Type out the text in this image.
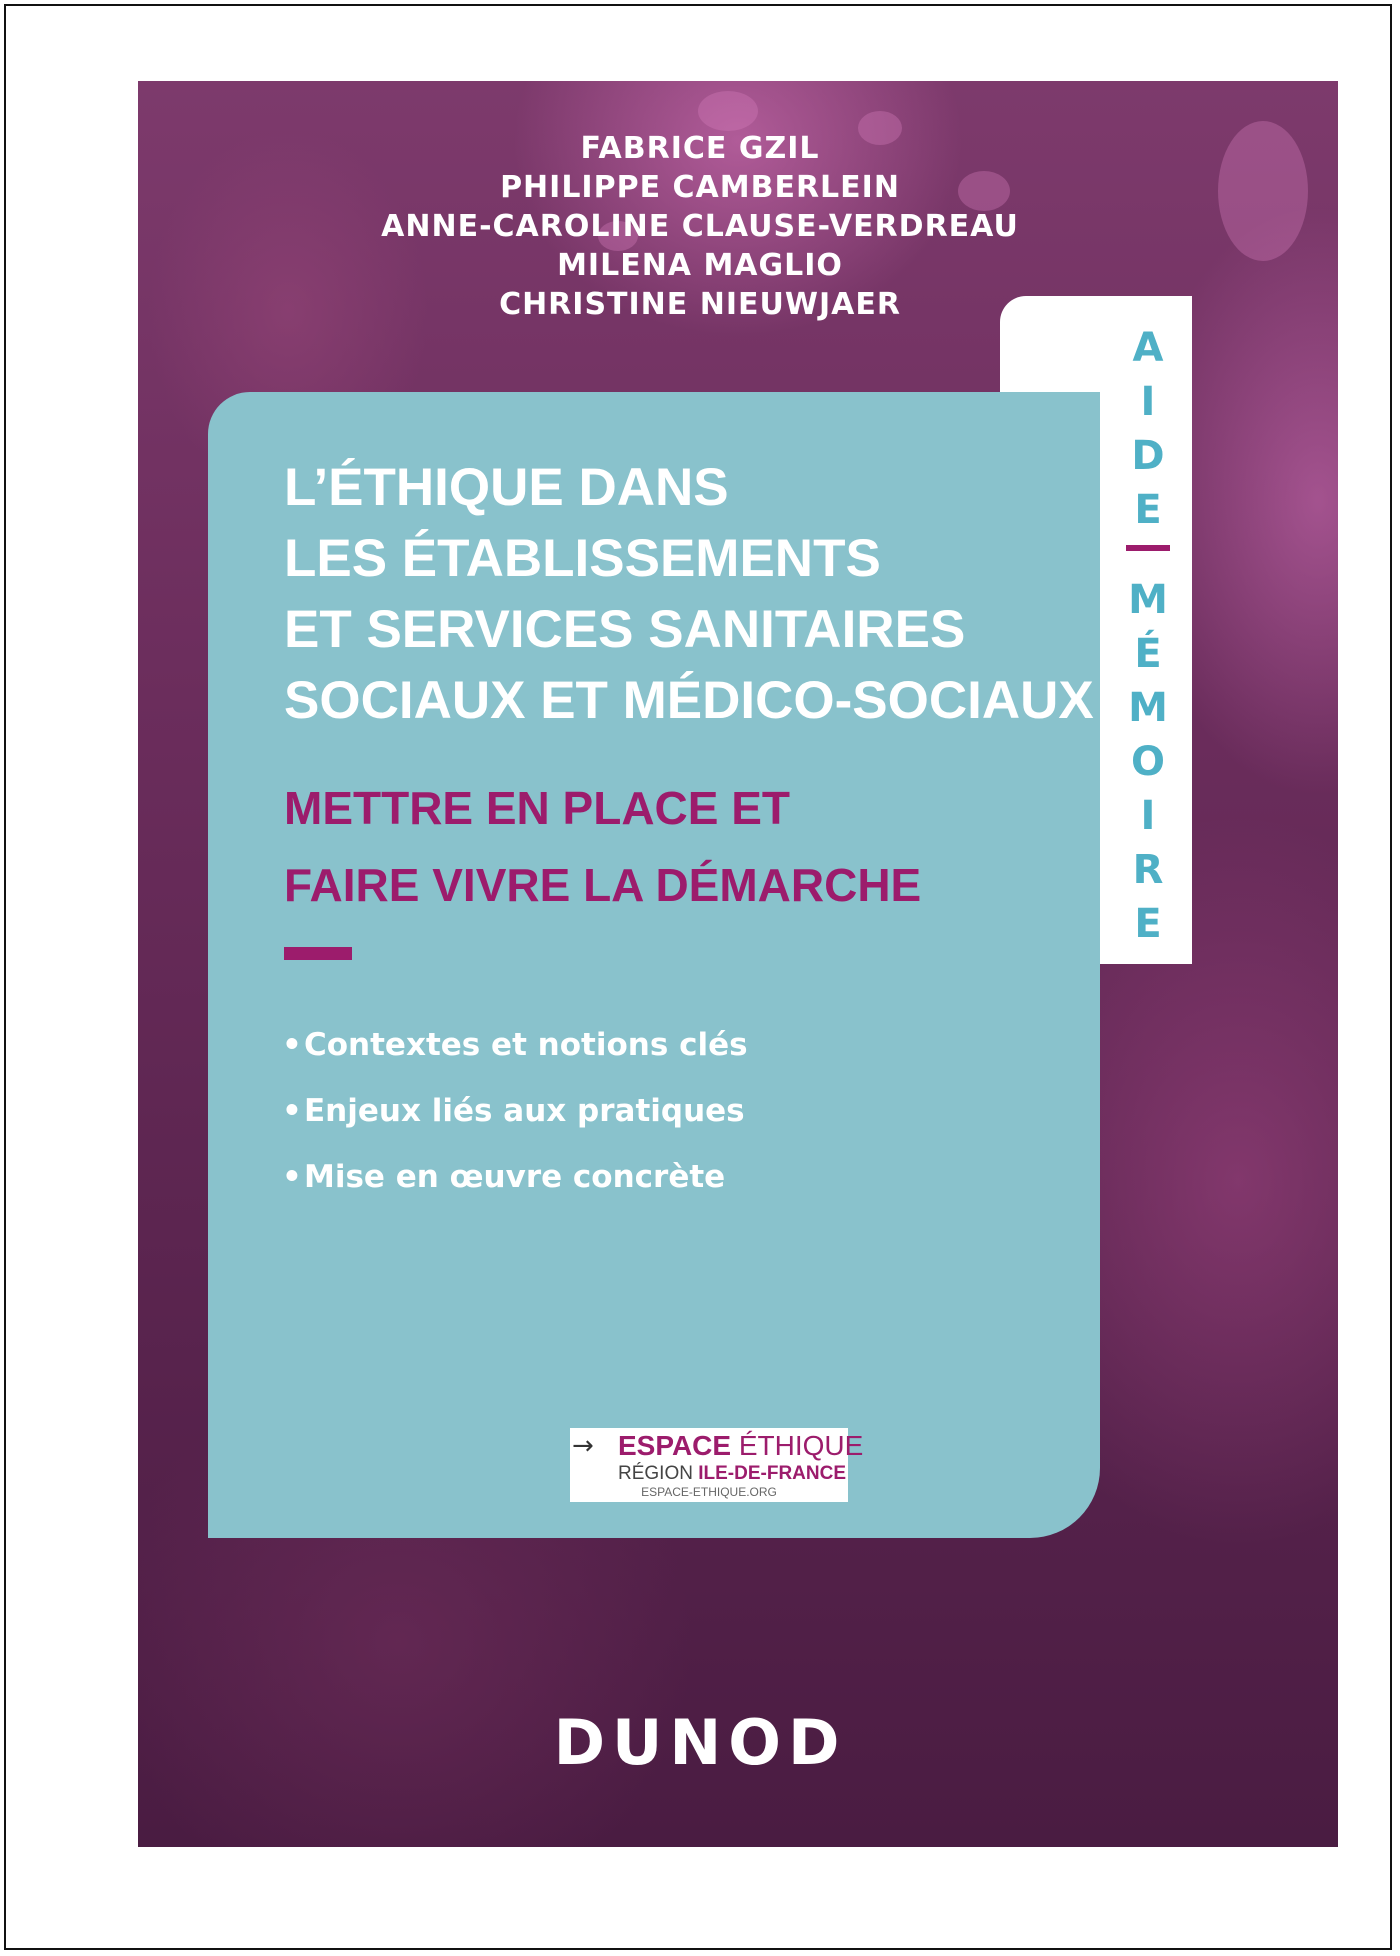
FABRICE GZIL
PHILIPPE CAMBERLEIN
ANNE-CAROLINE CLAUSE-VERDREAU
MILENA MAGLIO
CHRISTINE NIEUWJAER
A
I
D
E
M
É
M
O
I
R
E
L’ÉTHIQUE DANS
LES ÉTABLISSEMENTS
ET SERVICES SANITAIRES
SOCIAUX ET MÉDICO-SOCIAUX
METTRE EN PLACE ET
FAIRE VIVRE LA DÉMARCHE
•Contextes et notions clés
•Enjeux liés aux pratiques
•Mise en œuvre concrète
→ ESPACE ÉTHIQUE
RÉGION ILE-DE-FRANCE
ESPACE-ETHIQUE.ORG
DUNOD
